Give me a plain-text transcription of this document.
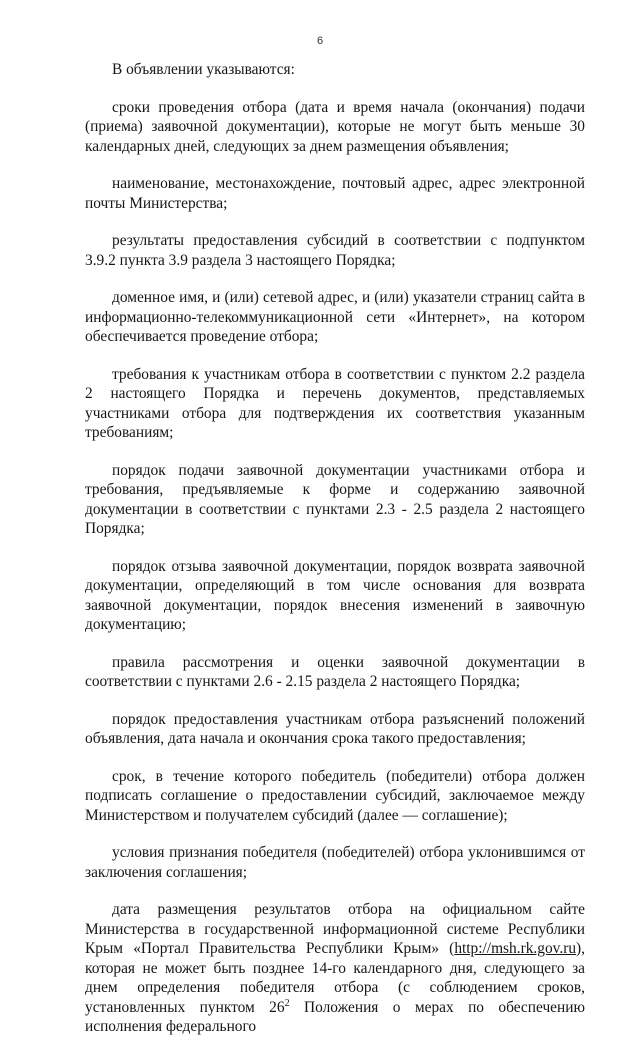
6

В объявлении указываются:

сроки проведения отбора (дата и время начала (окончания) подачи (приема) заявочной документации), которые не могут быть меньше 30 календарных дней, следующих за днем размещения объявления;

наименование, местонахождение, почтовый адрес, адрес электронной почты Министерства;

результаты предоставления субсидий в соответствии с подпунктом 3.9.2 пункта 3.9 раздела 3 настоящего Порядка;

доменное имя, и (или) сетевой адрес, и (или) указатели страниц сайта в информационно-телекоммуникационной сети «Интернет», на котором обеспечивается проведение отбора;

требования к участникам отбора в соответствии с пунктом 2.2 раздела 2 настоящего Порядка и перечень документов, представляемых участниками отбора для подтверждения их соответствия указанным требованиям;

порядок подачи заявочной документации участниками отбора и требования, предъявляемые к форме и содержанию заявочной документации в соответствии с пунктами 2.3 - 2.5 раздела 2 настоящего Порядка;

порядок отзыва заявочной документации, порядок возврата заявочной документации, определяющий в том числе основания для возврата заявочной документации, порядок внесения изменений в заявочную документацию;

правила рассмотрения и оценки заявочной документации в соответствии с пунктами 2.6 - 2.15 раздела 2 настоящего Порядка;

порядок предоставления участникам отбора разъяснений положений объявления, дата начала и окончания срока такого предоставления;

срок, в течение которого победитель (победители) отбора должен подписать соглашение о предоставлении субсидий, заключаемое между Министерством и получателем субсидий (далее — соглашение);

условия признания победителя (победителей) отбора уклонившимся от заключения соглашения;

дата размещения результатов отбора на официальном сайте Министерства в государственной информационной системе Республики Крым «Портал Правительства Республики Крым» (http://msh.rk.gov.ru), которая не может быть позднее 14-го календарного дня, следующего за днем определения победителя отбора (с соблюдением сроков, установленных пунктом $26^2$ Положения о мерах по обеспечению исполнения федерального
